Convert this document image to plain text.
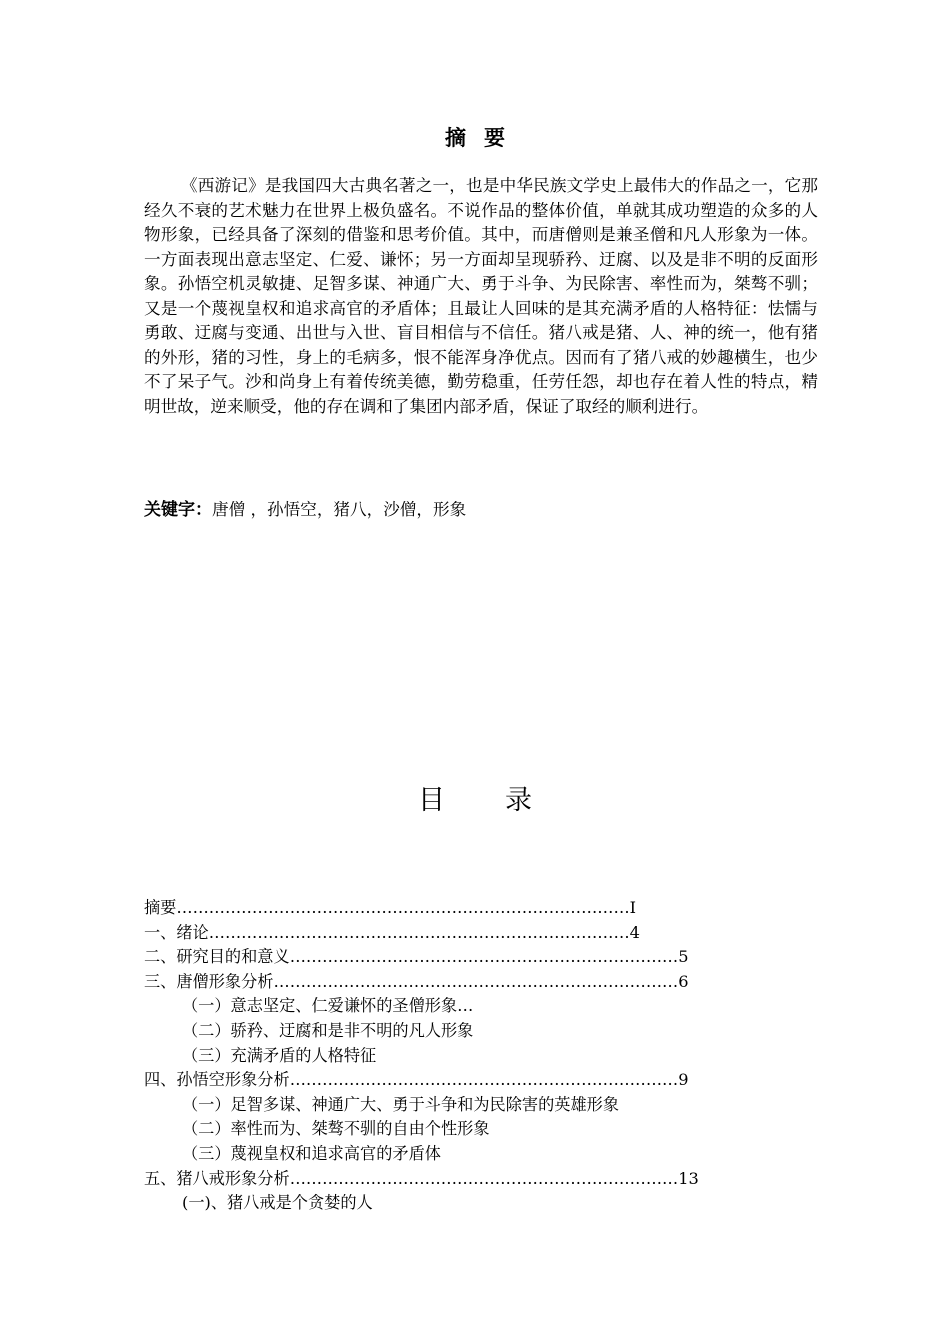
摘要

《西游记》是我国四大古典名著之一，也是中华民族文学史上最伟大的作品之一，它那经久不衰的艺术魅力在世界上极负盛名。不说作品的整体价值，单就其成功塑造的众多的人物形象，已经具备了深刻的借鉴和思考价值。其中，而唐僧则是兼圣僧和凡人形象为一体。一方面表现出意志坚定、仁爱、谦怀；另一方面却呈现骄矜、迂腐、以及是非不明的反面形象。孙悟空机灵敏捷、足智多谋、神通广大、勇于斗争、为民除害、率性而为，桀骜不驯；又是一个蔑视皇权和追求高官的矛盾体；且最让人回味的是其充满矛盾的人格特征：怯懦与勇敢、迂腐与变通、出世与入世、盲目相信与不信任。猪八戒是猪、人、神的统一，他有猪的外形，猪的习性，身上的毛病多，恨不能浑身净优点。因而有了猪八戒的妙趣横生，也少不了呆子气。沙和尚身上有着传统美德，勤劳稳重，任劳任怨，却也存在着人性的特点，精明世故，逆来顺受，他的存在调和了集团内部矛盾，保证了取经的顺利进行。

关键字：唐僧 ，孙悟空，猪八，沙僧，形象
目录
摘要 ………………………………………………………………………… I
一、绪论 …………………………………………………………………… 4
二、研究目的和意义 ……………………………………………………………… 5
三、唐僧形象分析 ………………………………………………………………… 6
（一）意志坚定、仁爱谦怀的圣僧形象…
（二）骄矜、迂腐和是非不明的凡人形象
（三）充满矛盾的人格特征
四、孙悟空形象分析 ……………………………………………………………… 9
（一）足智多谋、神通广大、勇于斗争和为民除害的英雄形象
（二）率性而为、桀骜不驯的自由个性形象
（三）蔑视皇权和追求高官的矛盾体
五、猪八戒形象分析 ……………………………………………………………… 13
(一)、猪八戒是个贪婪的人
